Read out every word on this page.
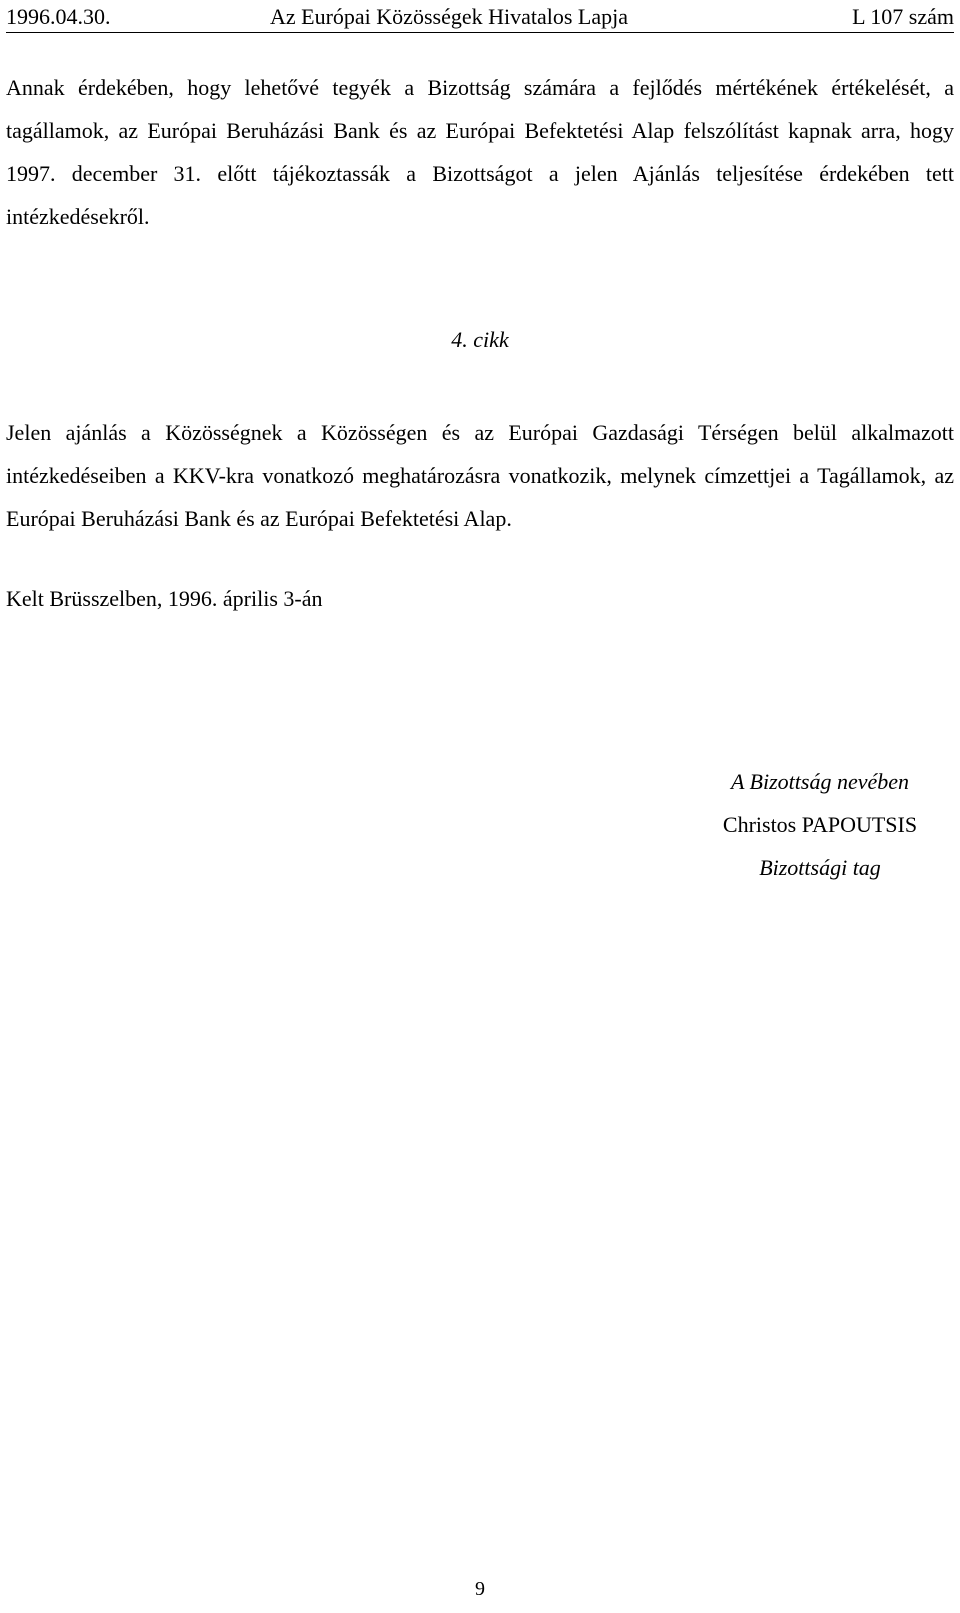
1996.04.30.	Az Európai Közösségek Hivatalos Lapja	L 107 szám
Annak érdekében, hogy lehetővé tegyék a Bizottság számára a fejlődés mértékének értékelését, a tagállamok, az Európai Beruházási Bank és az Európai Befektetési Alap felszólítást kapnak arra, hogy 1997. december 31. előtt tájékoztassák a Bizottságot a jelen Ajánlás teljesítése érdekében tett intézkedésekről.
4. cikk
Jelen ajánlás a Közösségnek a Közösségen és az Európai Gazdasági Térségen belül alkalmazott intézkedéseiben a KKV-kra vonatkozó meghatározásra vonatkozik, melynek címzettjei a Tagállamok, az Európai Beruházási Bank és az Európai Befektetési Alap.
Kelt Brüsszelben, 1996. április 3-án
A Bizottság nevében
Christos PAPOUTSIS
Bizottsági tag
9
